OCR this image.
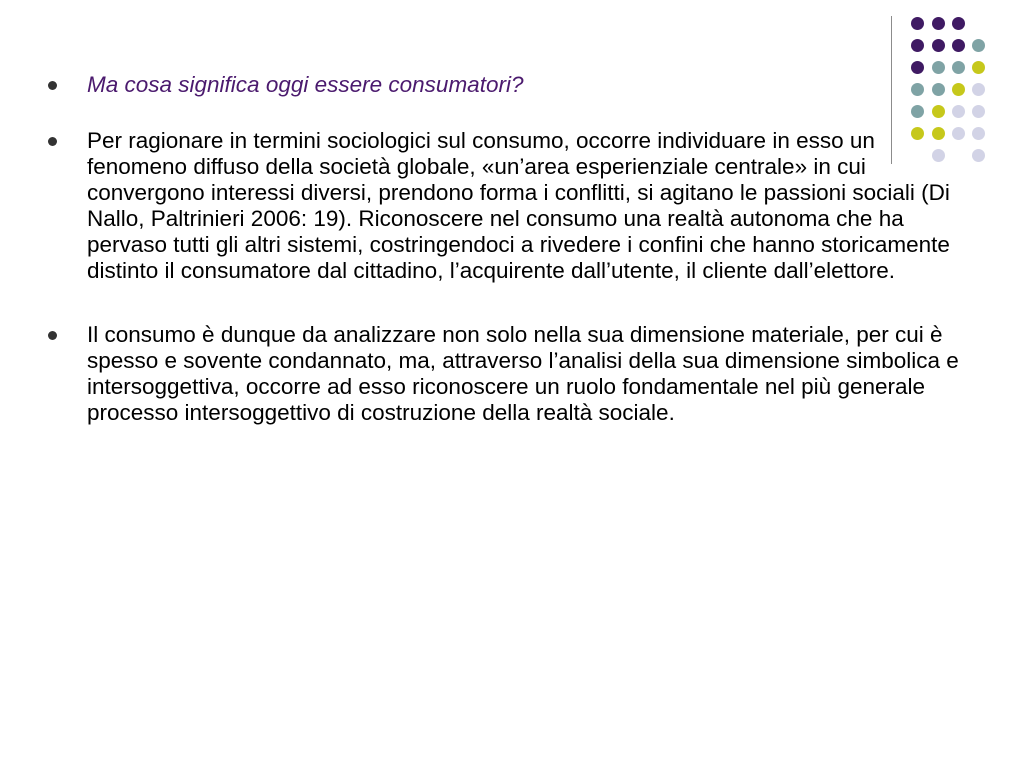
Ma cosa significa oggi essere consumatori?
Per ragionare in termini sociologici sul consumo, occorre individuare in esso un fenomeno diffuso della società globale, «un’area esperienziale centrale» in cui convergono interessi diversi, prendono forma i conflitti, si agitano le passioni sociali (Di Nallo, Paltrinieri 2006: 19). Riconoscere nel consumo una realtà autonoma che ha pervaso tutti gli altri sistemi, costringendoci a rivedere i confini che hanno storicamente distinto il consumatore dal cittadino, l’acquirente dall’utente, il cliente dall’elettore.
Il consumo è dunque da analizzare non solo nella sua dimensione materiale, per cui è spesso e sovente condannato, ma, attraverso l’analisi della sua dimensione simbolica e intersoggettiva, occorre ad esso riconoscere un ruolo fondamentale nel più generale processo intersoggettivo di costruzione della realtà sociale.
